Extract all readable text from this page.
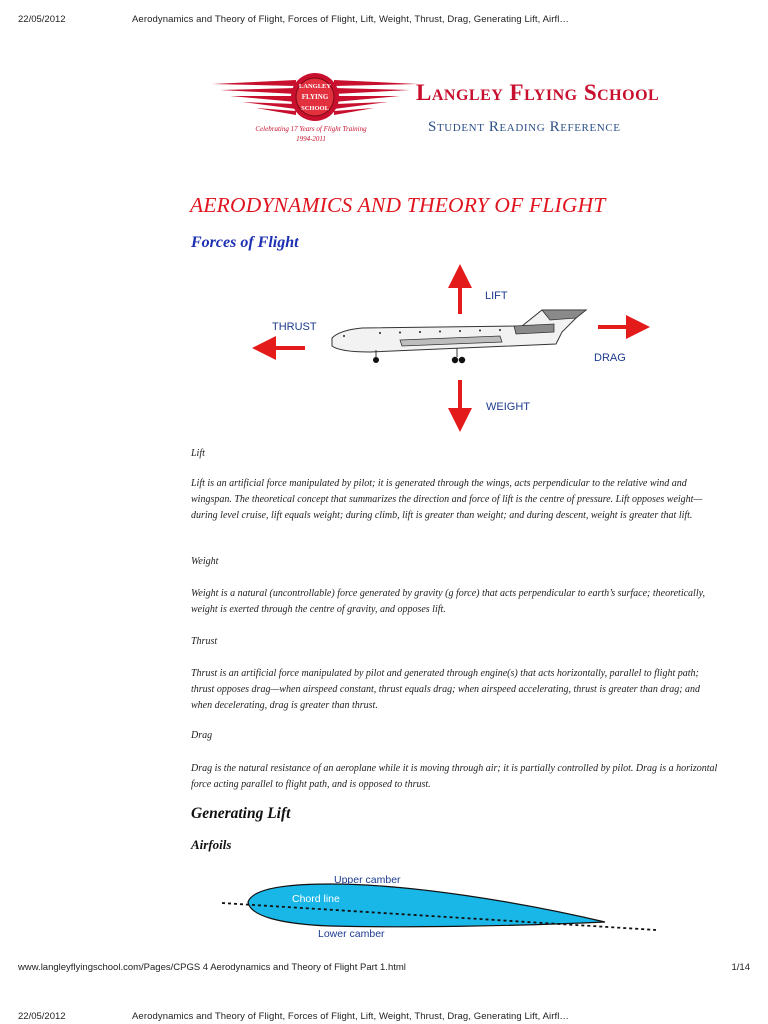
22/05/2012	Aerodynamics and Theory of Flight, Forces of Flight, Lift, Weight, Thrust, Drag, Generating Lift, Airfl…
LANGLEY
FLYING
SCHOOL
Celebrating 17 Years of Flight Training
1994-2011
Langley Flying School
Student Reading Reference
AERODYNAMICS AND THEORY OF FLIGHT
Forces of Flight
LIFT
THRUST
DRAG
WEIGHT
Lift
Lift is an artificial force manipulated by pilot; it is generated through the wings, acts perpendicular to the relative wind and wingspan. The theoretical concept that summarizes the direction and force of lift is the centre of pressure. Lift opposes weight—during level cruise, lift equals weight; during climb, lift is greater than weight; and during descent, weight is greater that lift.
Weight
Weight is a natural (uncontrollable) force generated by gravity (g force) that acts perpendicular to earth’s surface; theoretically, weight is exerted through the centre of gravity, and opposes lift.
Thrust
Thrust is an artificial force manipulated by pilot and generated through engine(s) that acts horizontally, parallel to flight path; thrust opposes drag—when airspeed constant, thrust equals drag; when airspeed accelerating, thrust is greater than drag; and when decelerating, drag is greater than thrust.
Drag
Drag is the natural resistance of an aeroplane while it is moving through air; it is partially controlled by pilot. Drag is a horizontal force acting parallel to flight path, and is opposed to thrust.
Generating Lift
Airfoils
Upper camber
Chord line
Lower camber
www.langleyflyingschool.com/Pages/CPGS 4 Aerodynamics and Theory of Flight Part 1.html	1/14
22/05/2012	Aerodynamics and Theory of Flight, Forces of Flight, Lift, Weight, Thrust, Drag, Generating Lift, Airfl…
